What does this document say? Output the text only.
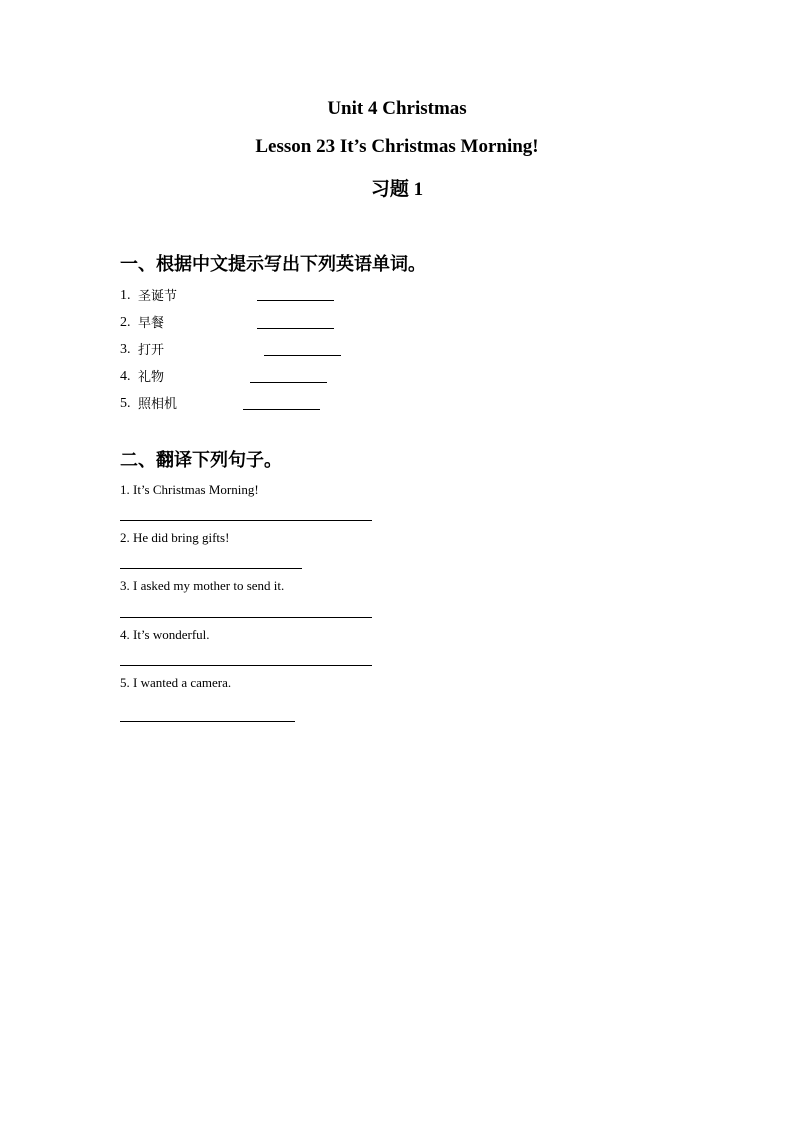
Unit 4 Christmas
Lesson 23 It’s Christmas Morning!
习题 1

一、根据中文提示写出下列英语单词。

1. 圣诞节
2. 早餐
3. 打开
4. 礼物
5. 照相机

二、翻译下列句子。

1. It’s Christmas Morning!

2. He did bring gifts!

3. I asked my mother to send it.

4. It’s wonderful.

5. I wanted a camera.
